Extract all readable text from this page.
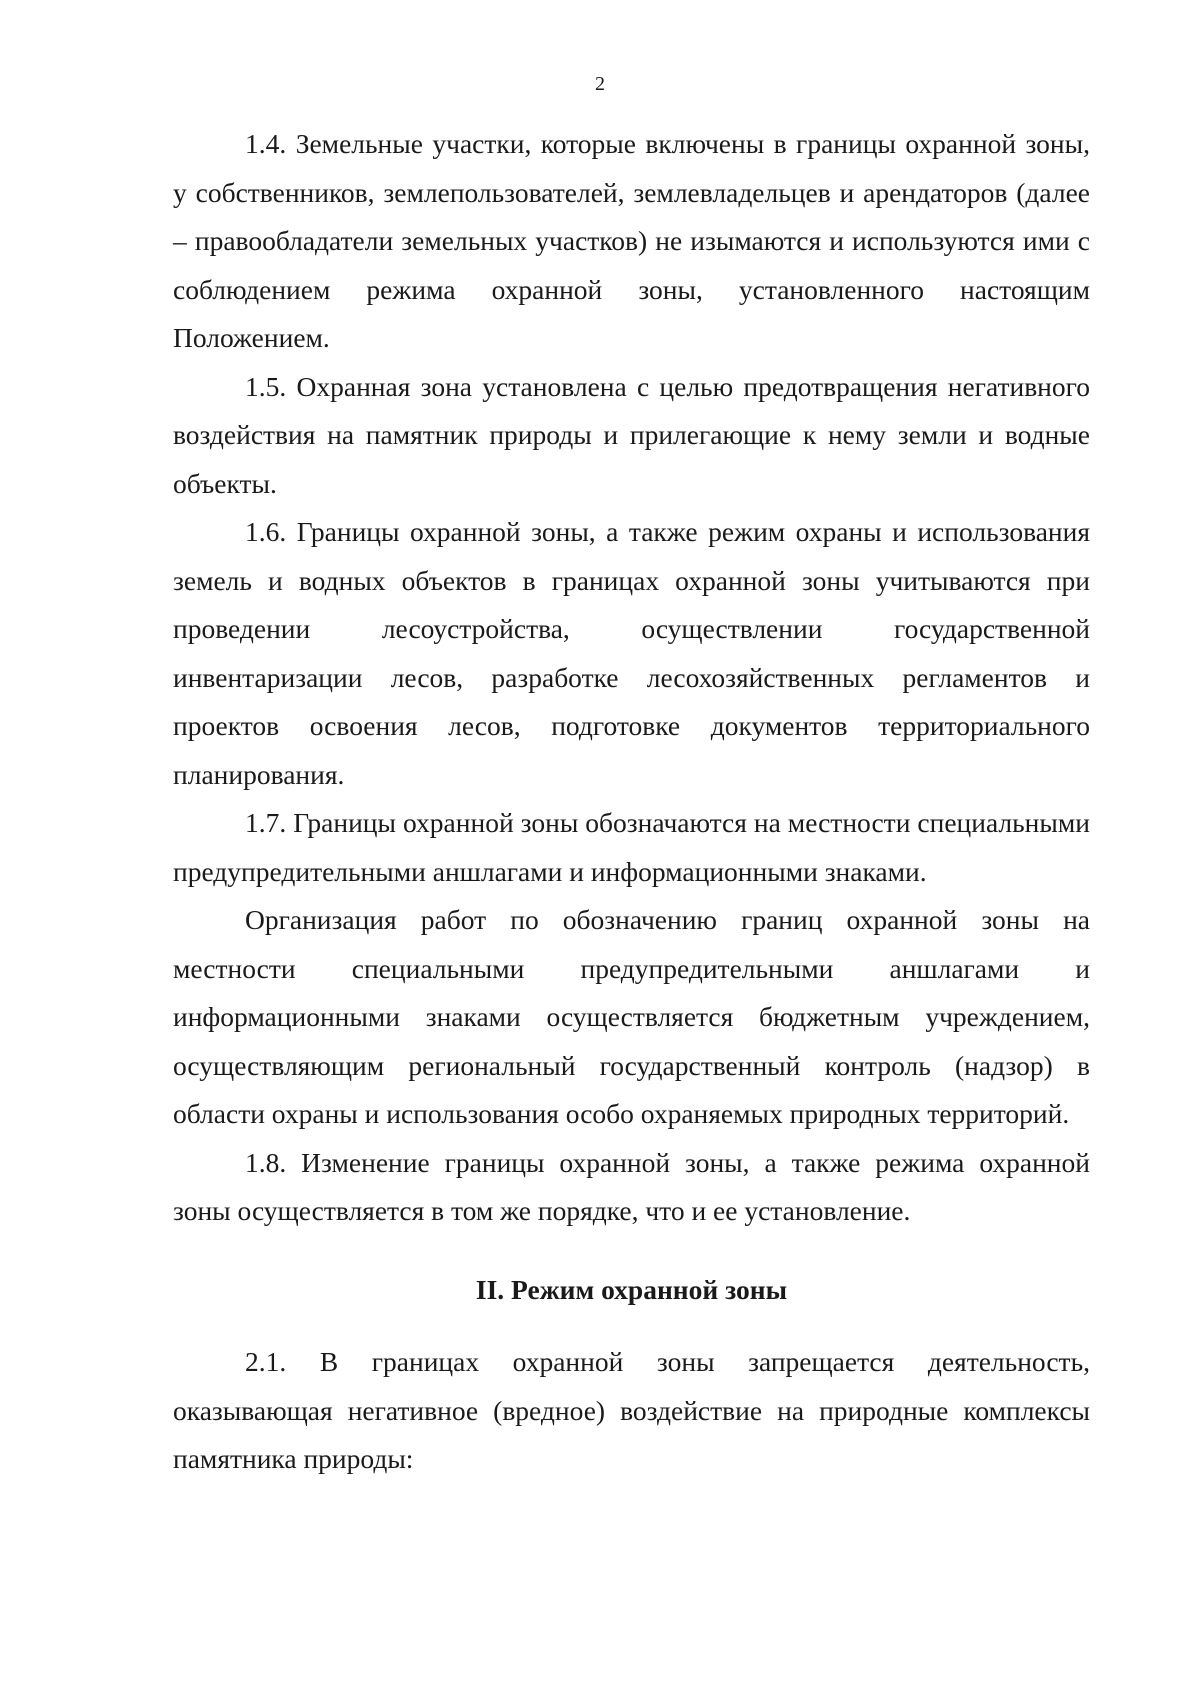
2

1.4. Земельные участки, которые включены в границы охранной зоны, у собственников, землепользователей, землевладельцев и арендаторов (далее – правообладатели земельных участков) не изымаются и используются ими с соблюдением режима охранной зоны, установленного настоящим Положением.

1.5. Охранная зона установлена с целью предотвращения негативного воздействия на памятник природы и прилегающие к нему земли и водные объекты.

1.6. Границы охранной зоны, а также режим охраны и использования земель и водных объектов в границах охранной зоны учитываются при проведении лесоустройства, осуществлении государственной инвентаризации лесов, разработке лесохозяйственных регламентов и проектов освоения лесов, подготовке документов территориального планирования.

1.7. Границы охранной зоны обозначаются на местности специальными предупредительными аншлагами и информационными знаками.

Организация работ по обозначению границ охранной зоны на местности специальными предупредительными аншлагами и информационными знаками осуществляется бюджетным учреждением, осуществляющим региональный государственный контроль (надзор) в области охраны и использования особо охраняемых природных территорий.

1.8. Изменение границы охранной зоны, а также режима охранной зоны осуществляется в том же порядке, что и ее установление.

II. Режим охранной зоны

2.1. В границах охранной зоны запрещается деятельность, оказывающая негативное (вредное) воздействие на природные комплексы памятника природы:
